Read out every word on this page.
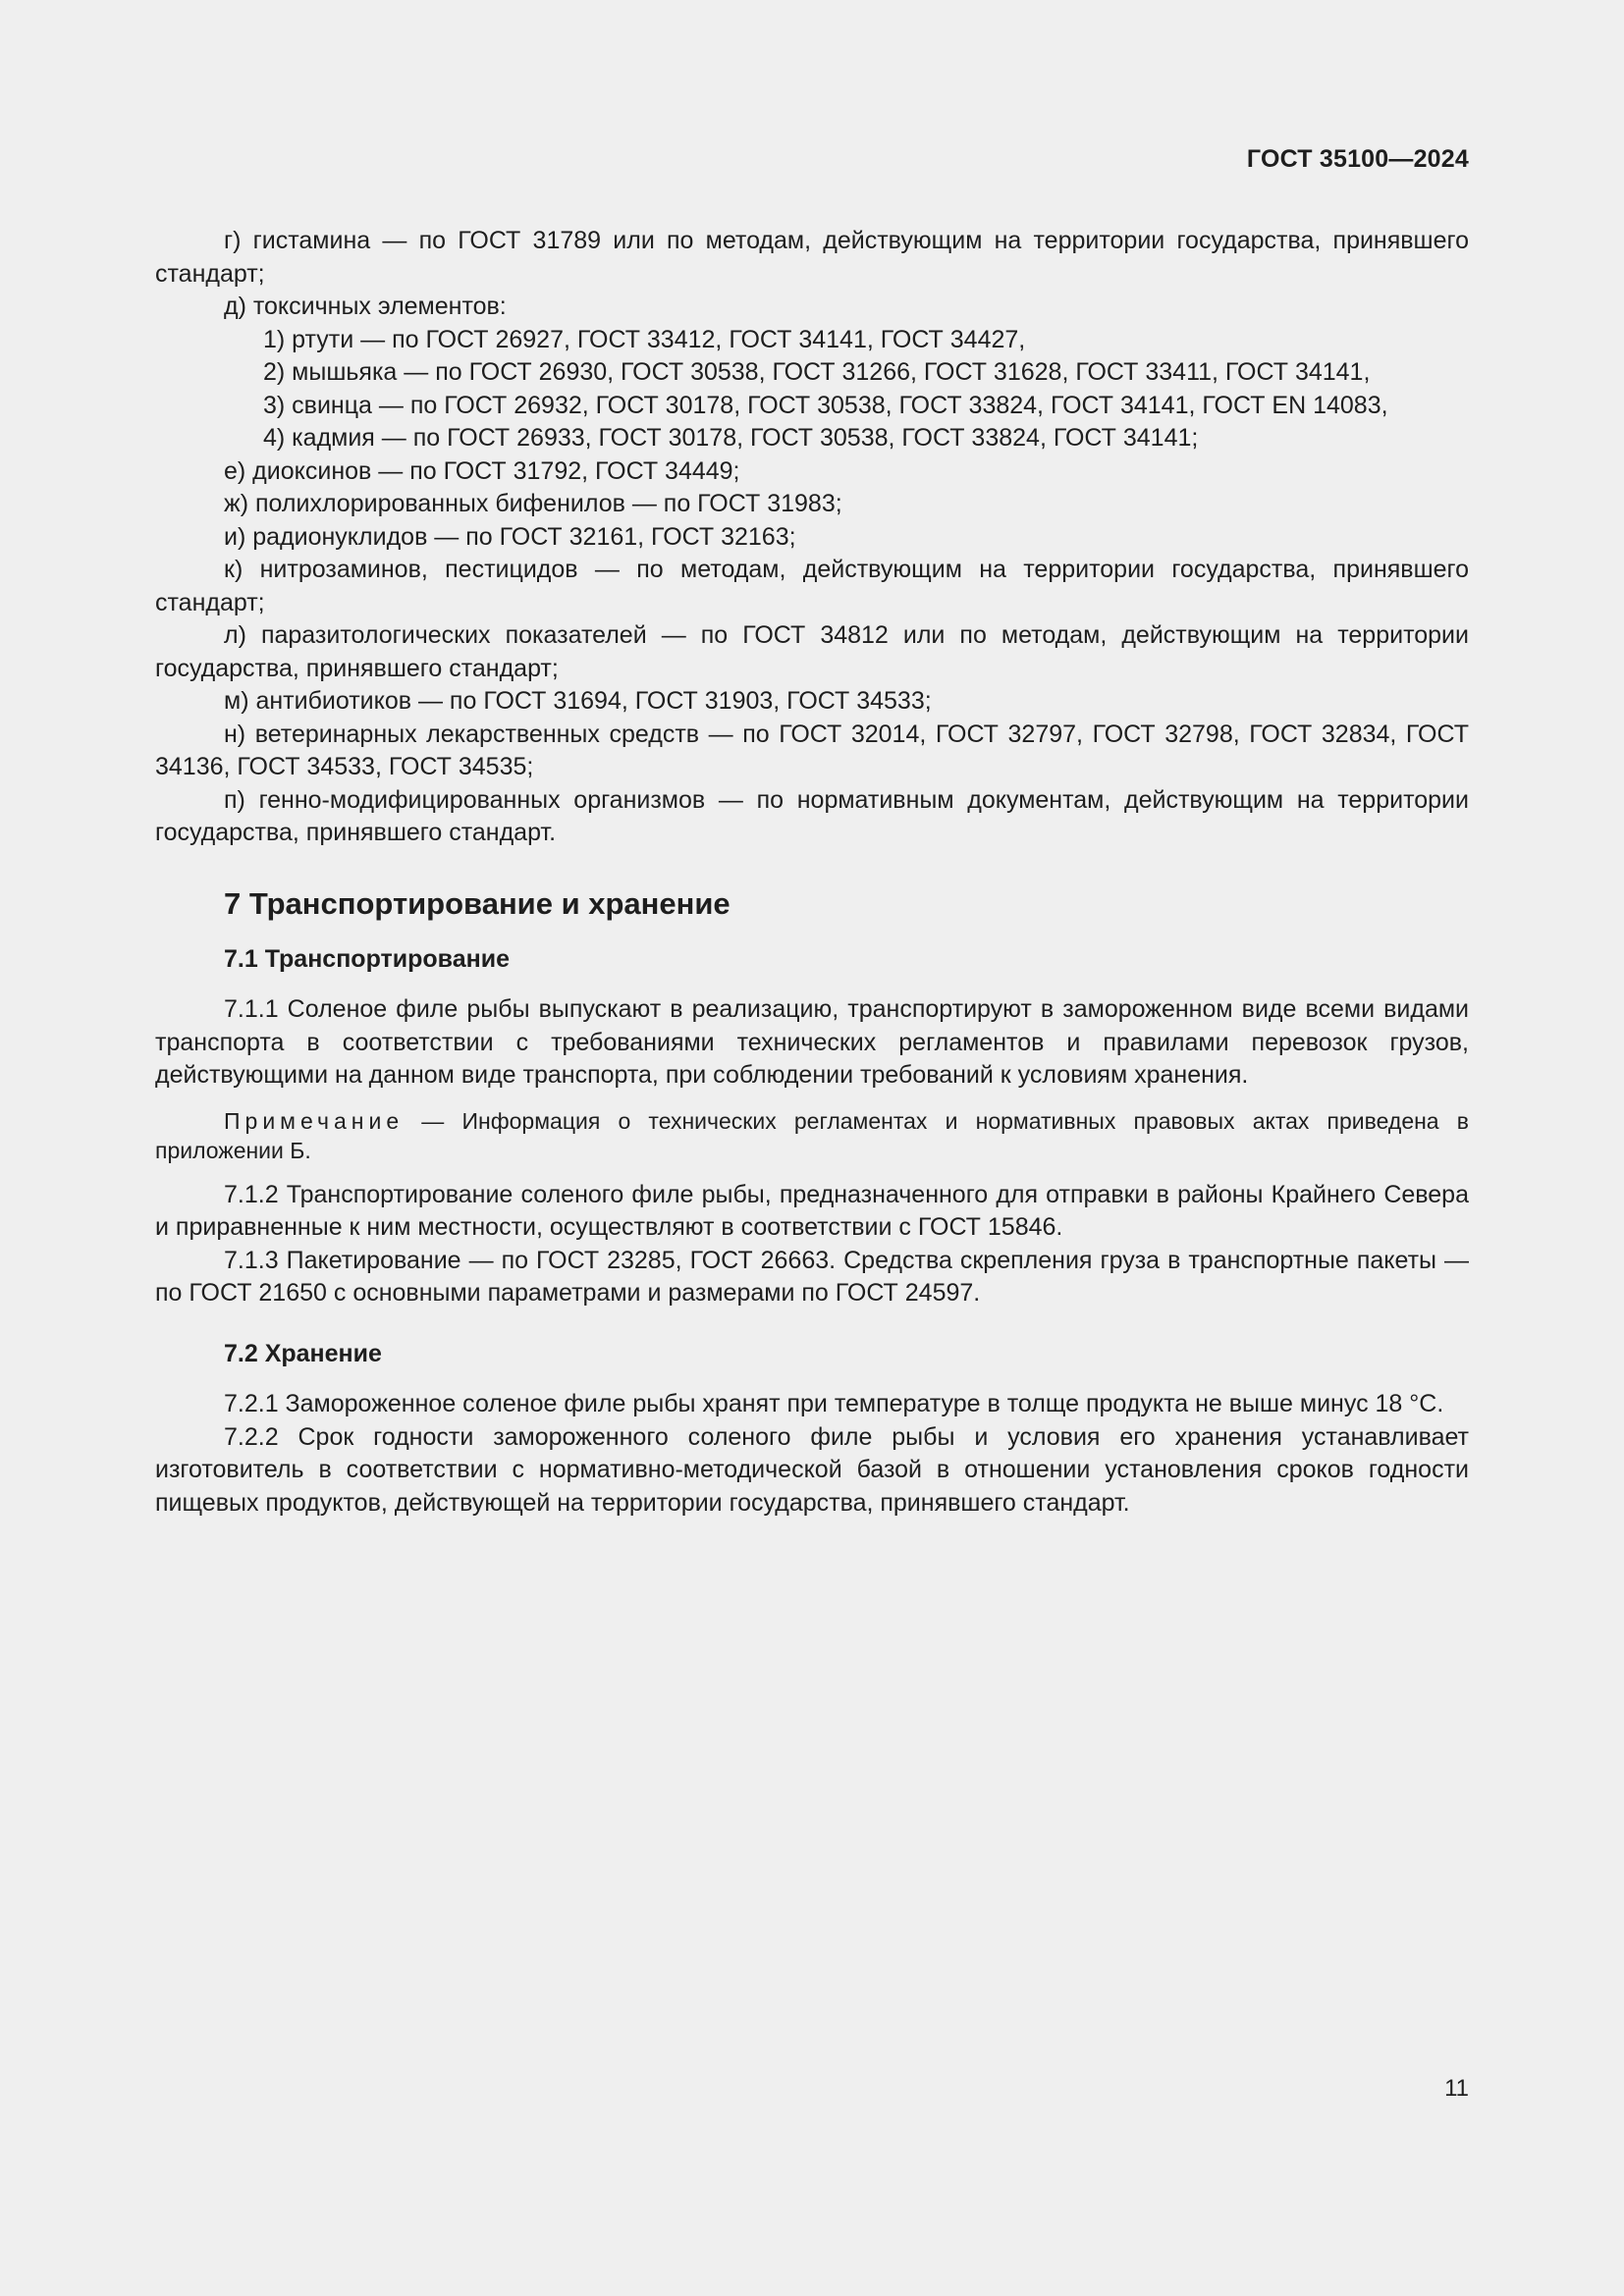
ГОСТ 35100—2024

г) гистамина — по ГОСТ 31789 или по методам, действующим на территории государства, принявшего стандарт;

д) токсичных элементов:

1) ртути — по ГОСТ 26927, ГОСТ 33412, ГОСТ 34141, ГОСТ 34427,

2) мышьяка — по ГОСТ 26930, ГОСТ 30538, ГОСТ 31266, ГОСТ 31628, ГОСТ 33411, ГОСТ 34141,

3) свинца — по ГОСТ 26932, ГОСТ 30178, ГОСТ 30538, ГОСТ 33824, ГОСТ 34141, ГОСТ EN 14083,

4) кадмия — по ГОСТ 26933, ГОСТ 30178, ГОСТ 30538, ГОСТ 33824, ГОСТ 34141;

е) диоксинов — по ГОСТ 31792, ГОСТ 34449;

ж) полихлорированных бифенилов — по ГОСТ 31983;

и) радионуклидов — по ГОСТ 32161, ГОСТ 32163;

к) нитрозаминов, пестицидов — по методам, действующим на территории государства, принявшего стандарт;

л) паразитологических показателей — по ГОСТ 34812 или по методам, действующим на территории государства, принявшего стандарт;

м) антибиотиков — по ГОСТ 31694, ГОСТ 31903, ГОСТ 34533;

н) ветеринарных лекарственных средств — по ГОСТ 32014, ГОСТ 32797, ГОСТ 32798, ГОСТ 32834, ГОСТ 34136, ГОСТ 34533, ГОСТ 34535;

п) генно-модифицированных организмов — по нормативным документам, действующим на территории государства, принявшего стандарт.

7 Транспортирование и хранение
7.1 Транспортирование

7.1.1 Соленое филе рыбы выпускают в реализацию, транспортируют в замороженном виде всеми видами транспорта в соответствии с требованиями технических регламентов и правилами перевозок грузов, действующими на данном виде транспорта, при соблюдении требований к условиям хранения.

Примечание — Информация о технических регламентах и нормативных правовых актах приведена в приложении Б.

7.1.2 Транспортирование соленого филе рыбы, предназначенного для отправки в районы Крайнего Севера и приравненные к ним местности, осуществляют в соответствии с ГОСТ 15846.

7.1.3 Пакетирование — по ГОСТ 23285, ГОСТ 26663. Средства скрепления груза в транспортные пакеты — по ГОСТ 21650 с основными параметрами и размерами по ГОСТ 24597.

7.2 Хранение

7.2.1 Замороженное соленое филе рыбы хранят при температуре в толще продукта не выше минус 18 °С.

7.2.2 Срок годности замороженного соленого филе рыбы и условия его хранения устанавливает изготовитель в соответствии с нормативно-методической базой в отношении установления сроков годности пищевых продуктов, действующей на территории государства, принявшего стандарт.

11
